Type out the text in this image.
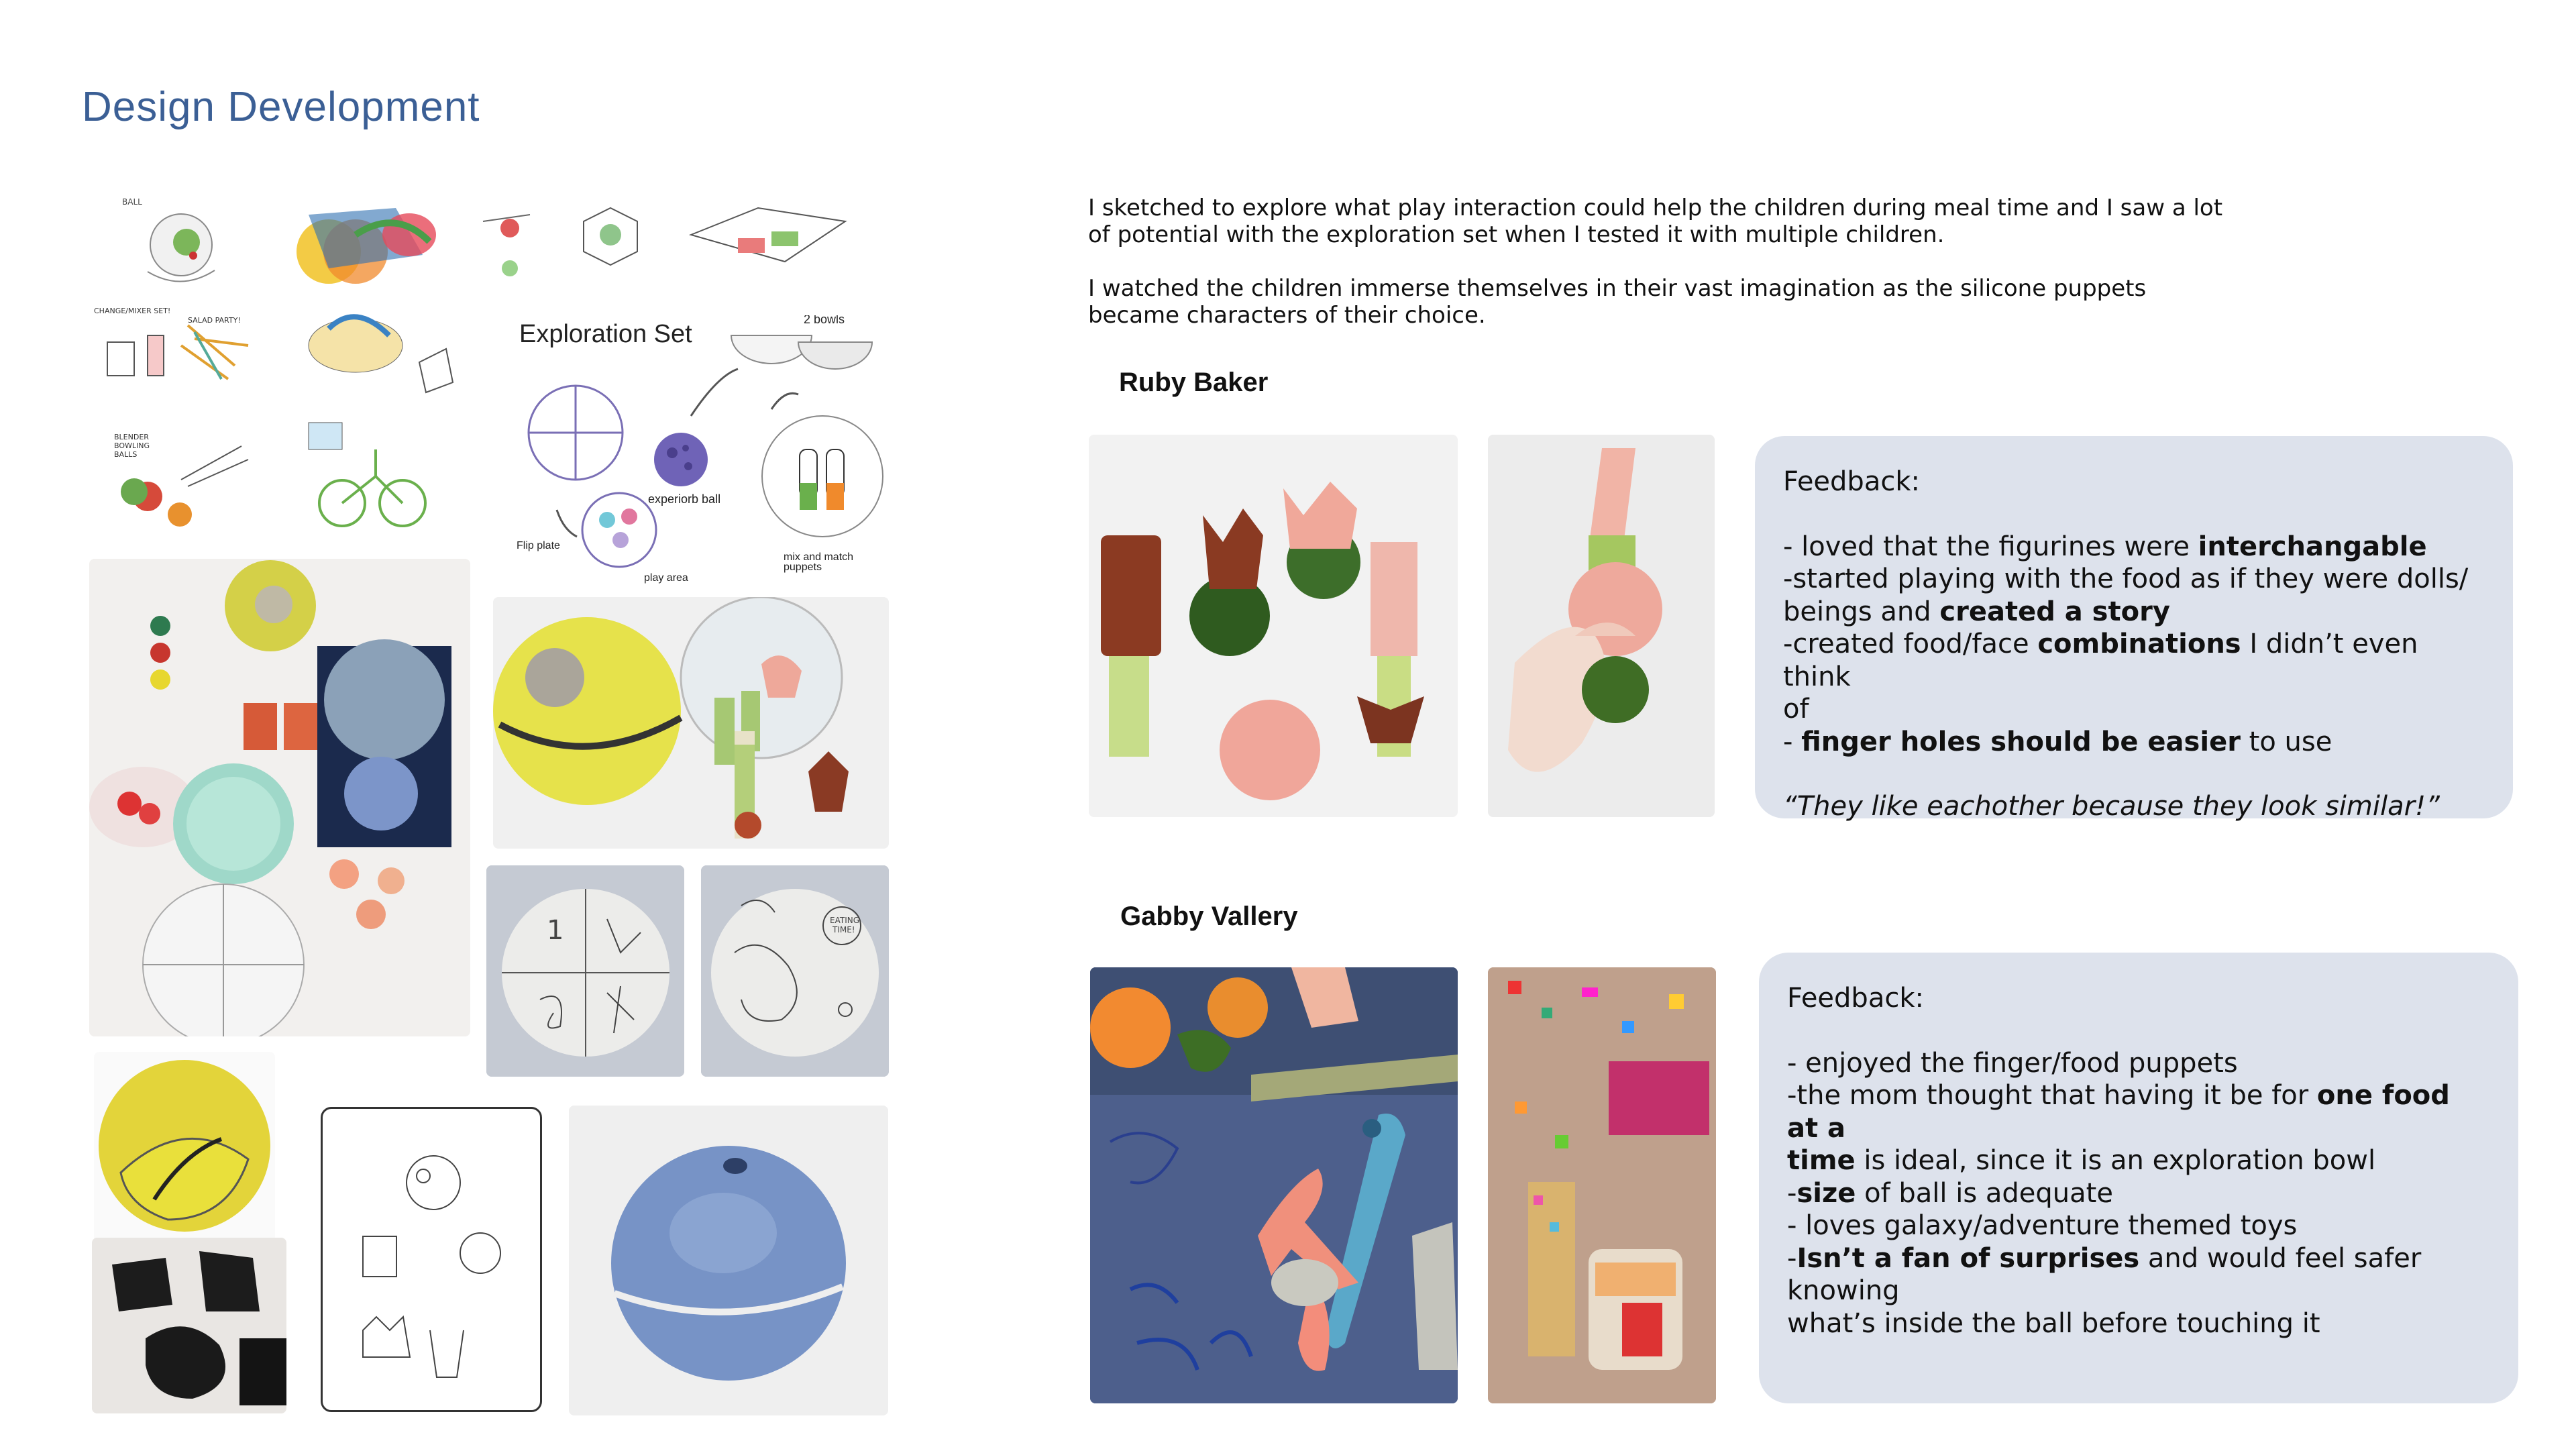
Design Development
BALL
CHANGE/MIXER SET!
SALAD PARTY!
BLENDER
BOWLING
BALLS
Exploration Set
2 bowls
experiorb ball
Flip plate
play area
mix and match
puppets
1	EATING
TIME!
I sketched to explore what play interaction could help the children during meal time and I saw a lot of potential with the exploration set when I tested it with multiple children.
I watched the children immerse themselves in their vast imagination as the silicone puppets became characters of their choice.
Ruby Baker
Feedback:
- loved that the figurines were interchangable
-started playing with the food as if they were dolls/
beings and created a story
-created food/face combinations I didn’t even think
of
- finger holes should be easier to use
“They like eachother because they look similar!”
Gabby Vallery
Feedback:
- enjoyed the finger/food puppets
-the mom thought that having it be for one food at a
time is ideal, since it is an exploration bowl
-size of ball is adequate
- loves galaxy/adventure themed toys
-Isn’t a fan of surprises and would feel safer knowing
what’s inside the ball before touching it
